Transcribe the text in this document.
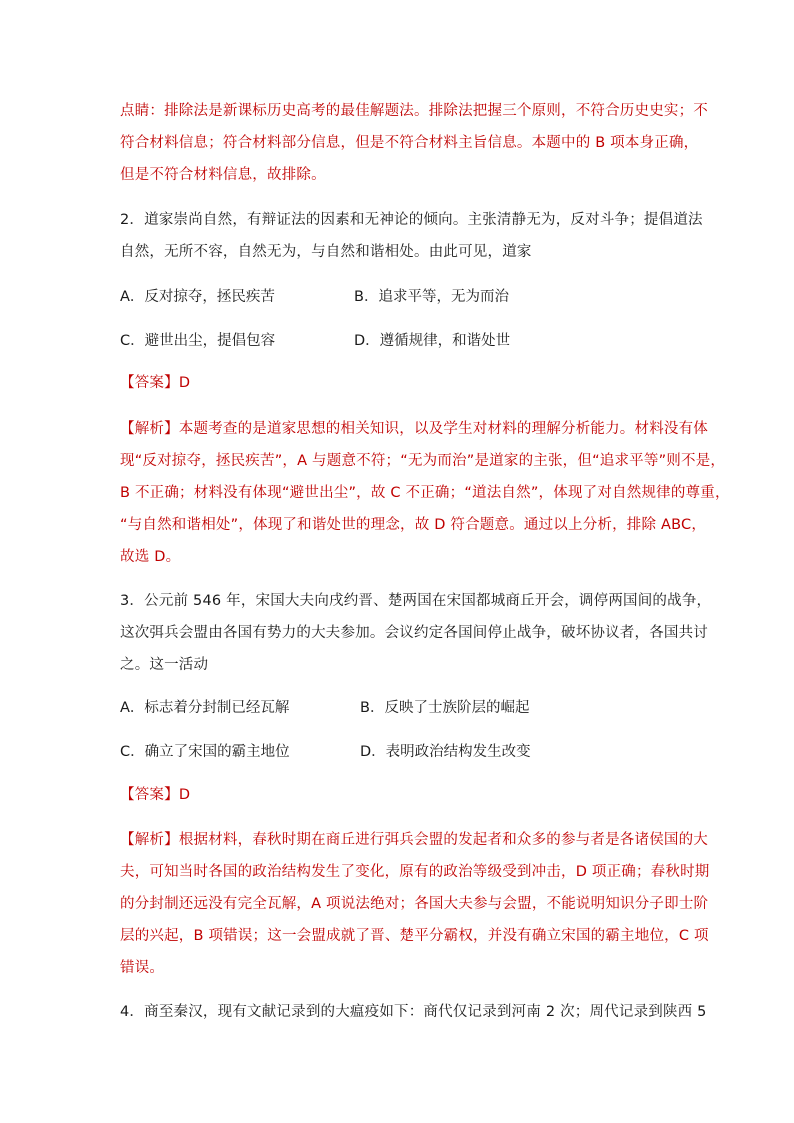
点睛：排除法是新课标历史高考的最佳解题法。排除法把握三个原则，不符合历史史实；不
符合材料信息；符合材料部分信息，但是不符合材料主旨信息。本题中的 B 项本身正确，
但是不符合材料信息，故排除。
2．道家崇尚自然，有辩证法的因素和无神论的倾向。主张清静无为，反对斗争；提倡道法
自然，无所不容，自然无为，与自然和谐相处。由此可见，道家
A．反对掠夺，拯民疾苦	B．追求平等，无为而治
C．避世出尘，提倡包容	D．遵循规律，和谐处世
【答案】D
【解析】本题考查的是道家思想的相关知识，以及学生对材料的理解分析能力。材料没有体
现“反对掠夺，拯民疾苦”，A 与题意不符；“无为而治”是道家的主张，但“追求平等”则不是，
B 不正确；材料没有体现“避世出尘”，故 C 不正确；“道法自然”，体现了对自然规律的尊重，
“与自然和谐相处”，体现了和谐处世的理念，故 D 符合题意。通过以上分析，排除 ABC，
故选 D。
3．公元前 546 年，宋国大夫向戌约晋、楚两国在宋国都城商丘开会，调停两国间的战争，
这次弭兵会盟由各国有势力的大夫参加。会议约定各国间停止战争，破坏协议者，各国共讨
之。这一活动
A．标志着分封制已经瓦解	B．反映了士族阶层的崛起
C．确立了宋国的霸主地位	D．表明政治结构发生改变
【答案】D
【解析】根据材料，春秋时期在商丘进行弭兵会盟的发起者和众多的参与者是各诸侯国的大
夫，可知当时各国的政治结构发生了变化，原有的政治等级受到冲击，D 项正确；春秋时期
的分封制还远没有完全瓦解，A 项说法绝对；各国大夫参与会盟，不能说明知识分子即士阶
层的兴起，B 项错误；这一会盟成就了晋、楚平分霸权，并没有确立宋国的霸主地位，C 项
错误。
4．商至秦汉，现有文献记录到的大瘟疫如下：商代仅记录到河南 2 次；周代记录到陕西 5
